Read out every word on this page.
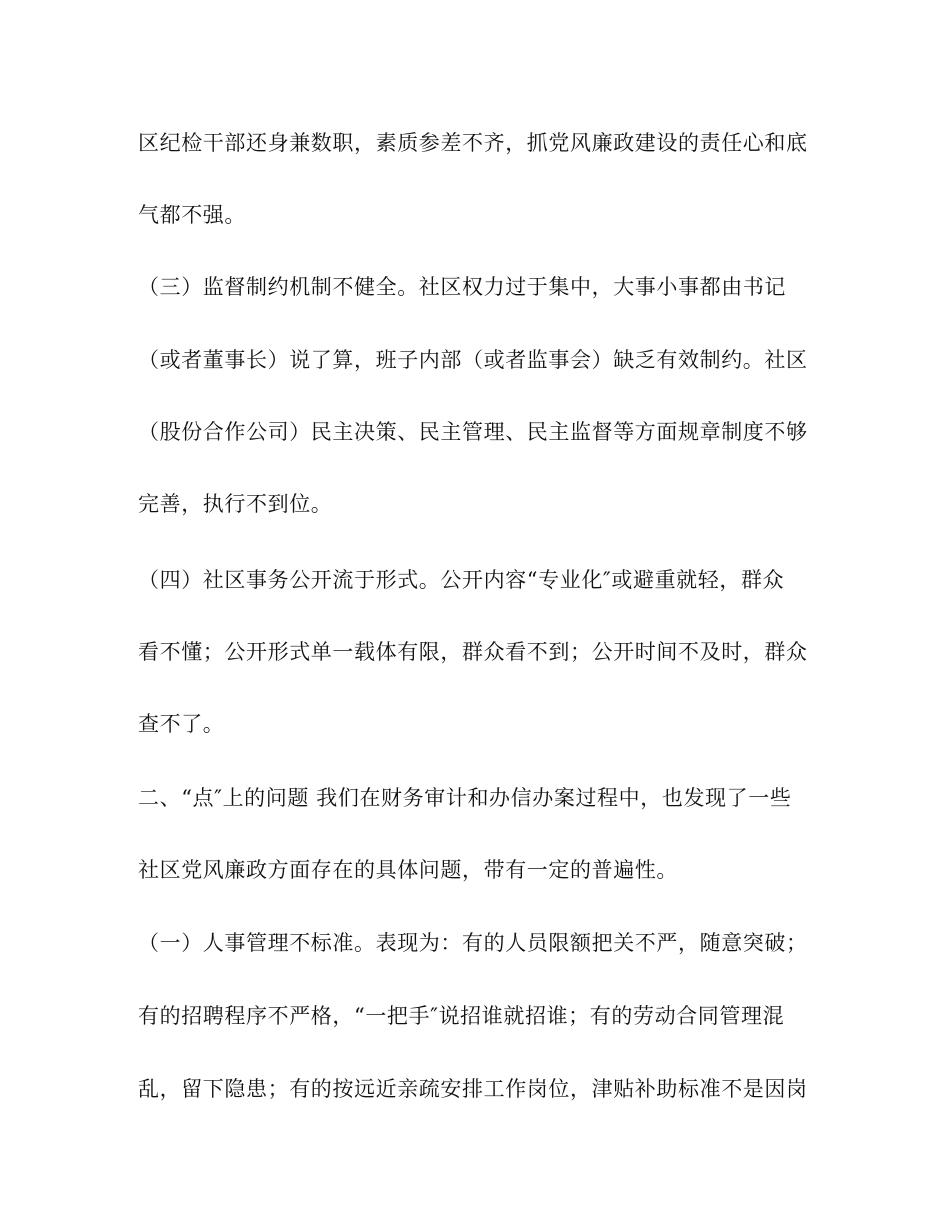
区纪检干部还身兼数职，素质参差不齐，抓党风廉政建设的责任心和底

气都不强。

（三）监督制约机制不健全。社区权力过于集中，大事小事都由书记

（或者董事长）说了算，班子内部（或者监事会）缺乏有效制约。社区

（股份合作公司）民主决策、民主管理、民主监督等方面规章制度不够

完善，执行不到位。

（四）社区事务公开流于形式。公开内容“专业化″或避重就轻，群众

看不懂；公开形式单一载体有限，群众看不到；公开时间不及时，群众

查不了。

二、“点″上的问题 我们在财务审计和办信办案过程中，也发现了一些

社区党风廉政方面存在的具体问题，带有一定的普遍性。

（一）人事管理不标准。表现为：有的人员限额把关不严，随意突破；

有的招聘程序不严格，“一把手″说招谁就招谁；有的劳动合同管理混

乱，留下隐患；有的按远近亲疏安排工作岗位，津贴补助标准不是因岗
